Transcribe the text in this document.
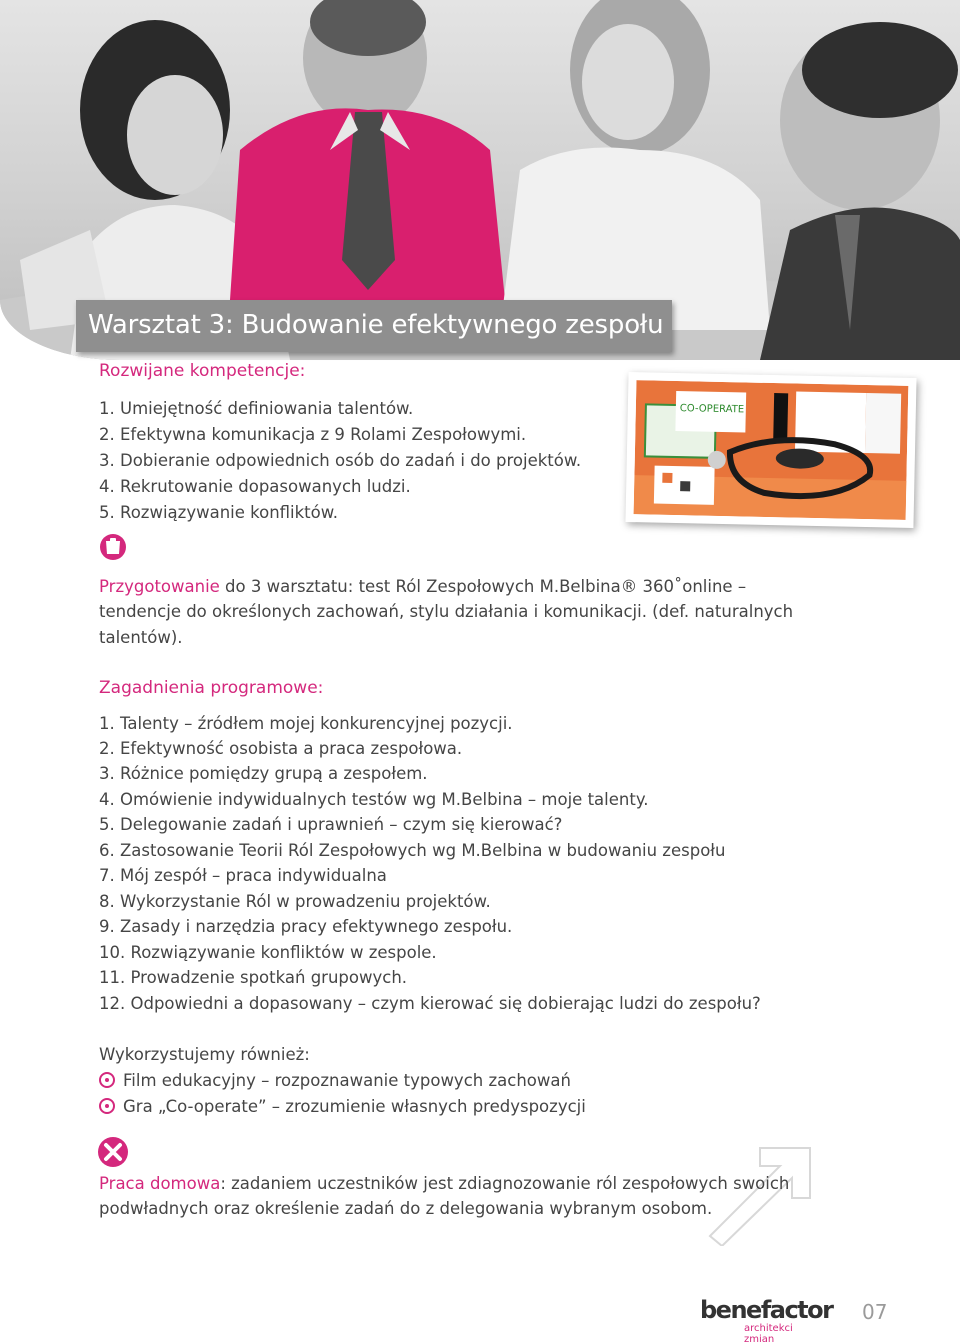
Warsztat 3: Budowanie efektywnego zespołu
Rozwijane kompetencje:
1. Umiejętność definiowania talentów.
2. Efektywna komunikacja z 9 Rolami Zespołowymi.
3. Dobieranie odpowiednich osób do zadań i do projektów.
4. Rekrutowanie dopasowanych ludzi.
5. Rozwiązywanie konfliktów.
CO-OPERATE
Przygotowanie do 3 warsztatu: test Ról Zespołowych M.Belbina® 360˚online –
tendencje do określonych zachowań, stylu działania i komunikacji. (def. naturalnych
talentów).
Zagadnienia programowe:
1. Talenty – źródłem mojej konkurencyjnej pozycji.
2. Efektywność osobista a praca zespołowa.
3. Różnice pomiędzy grupą a zespołem.
4. Omówienie indywidualnych testów wg M.Belbina – moje talenty.
5. Delegowanie zadań i uprawnień – czym się kierować?
6. Zastosowanie Teorii Ról Zespołowych wg M.Belbina w budowaniu zespołu
7. Mój zespół – praca indywidualna
8. Wykorzystanie Ról w prowadzeniu projektów.
9. Zasady i narzędzia pracy efektywnego zespołu.
10. Rozwiązywanie konfliktów w zespole.
11. Prowadzenie spotkań grupowych.
12. Odpowiedni a dopasowany – czym kierować się dobierając ludzi do zespołu?
Wykorzystujemy również:
Film edukacyjny – rozpoznawanie typowych zachowań
Gra „Co-operate” – zrozumienie własnych predyspozycji
Praca domowa: zadaniem uczestników jest zdiagnozowanie ról zespołowych swoich
podwładnych oraz określenie zadań do z delegowania wybranym osobom.
benefactor
architekci zmian
07
